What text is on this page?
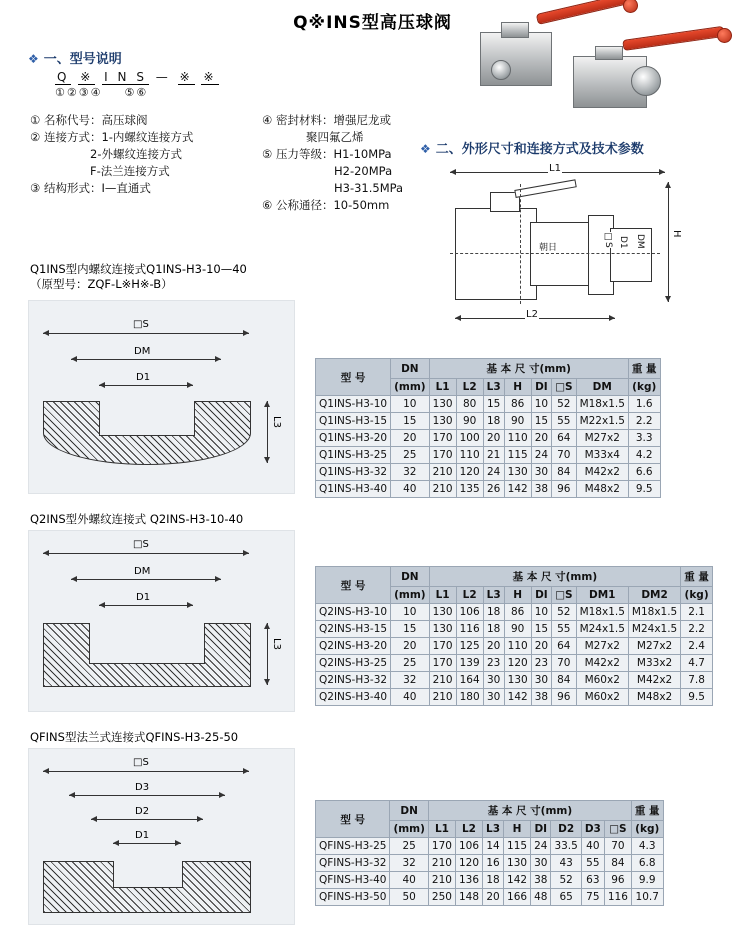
Q※INS型高压球阀
❖ 一、型号说明
Q ※ I N S — ※ ※
①②③④ ⑤⑥
① 名称代号：高压球阀
② 连接方式：1-内螺纹连接方式
2-外螺纹连接方式
F-法兰连接方式
③ 结构形式：I—直通式
④ 密封材料：增强尼龙或
聚四氟乙烯
⑤ 压力等级：H1-10MPa
H2-20MPa
H3-31.5MPa
⑥ 公称通径：10-50mm
❖ 二、外形尺寸和连接方式及技术参数
L1
L2
H
D1 DM
□S
朝日
Q1INS型内螺纹连接式Q1INS-H3-10—40
（原型号：ZQF-L※H※-B）
□S
DM
D1
L3
型 号	DN	基 本 尺 寸(mm)							重 量
	(mm)	L1	L2	L3	H	DI	□S	DM	(kg)
Q1INS-H3-10	10	130	80	15	86	10	52	M18x1.5	1.6
Q1INS-H3-15	15	130	90	18	90	15	55	M22x1.5	2.2
Q1INS-H3-20	20	170	100	20	110	20	64	M27x2	3.3
Q1INS-H3-25	25	170	110	21	115	24	70	M33x4	4.2
Q1INS-H3-32	32	210	120	24	130	30	84	M42x2	6.6
Q1INS-H3-40	40	210	135	26	142	38	96	M48x2	9.5
Q2INS型外螺纹连接式 Q2INS-H3-10-40
□S
DM
D1
L3
型 号	DN	基 本 尺 寸(mm)								重 量
	(mm)	L1	L2	L3	H	DI	□S	DM1	DM2	(kg)
Q2INS-H3-10	10	130	106	18	86	10	52	M18x1.5	M18x1.5	2.1
Q2INS-H3-15	15	130	116	18	90	15	55	M24x1.5	M24x1.5	2.2
Q2INS-H3-20	20	170	125	20	110	20	64	M27x2	M27x2	2.4
Q2INS-H3-25	25	170	139	23	120	23	70	M42x2	M33x2	4.7
Q2INS-H3-32	32	210	164	30	130	30	84	M60x2	M42x2	7.8
Q2INS-H3-40	40	210	180	30	142	38	96	M60x2	M48x2	9.5
QFINS型法兰式连接式QFINS-H3-25-50
□S
D3
D2
D1
型 号	DN	基 本 尺 寸(mm)								重 量
	(mm)	L1	L2	L3	H	DI	D2	D3	□S	(kg)
QFINS-H3-25	25	170	106	14	115	24	33.5	40	70	4.3
QFINS-H3-32	32	210	120	16	130	30	43	55	84	6.8
QFINS-H3-40	40	210	136	18	142	38	52	63	96	9.9
QFINS-H3-50	50	250	148	20	166	48	65	75	116	10.7
